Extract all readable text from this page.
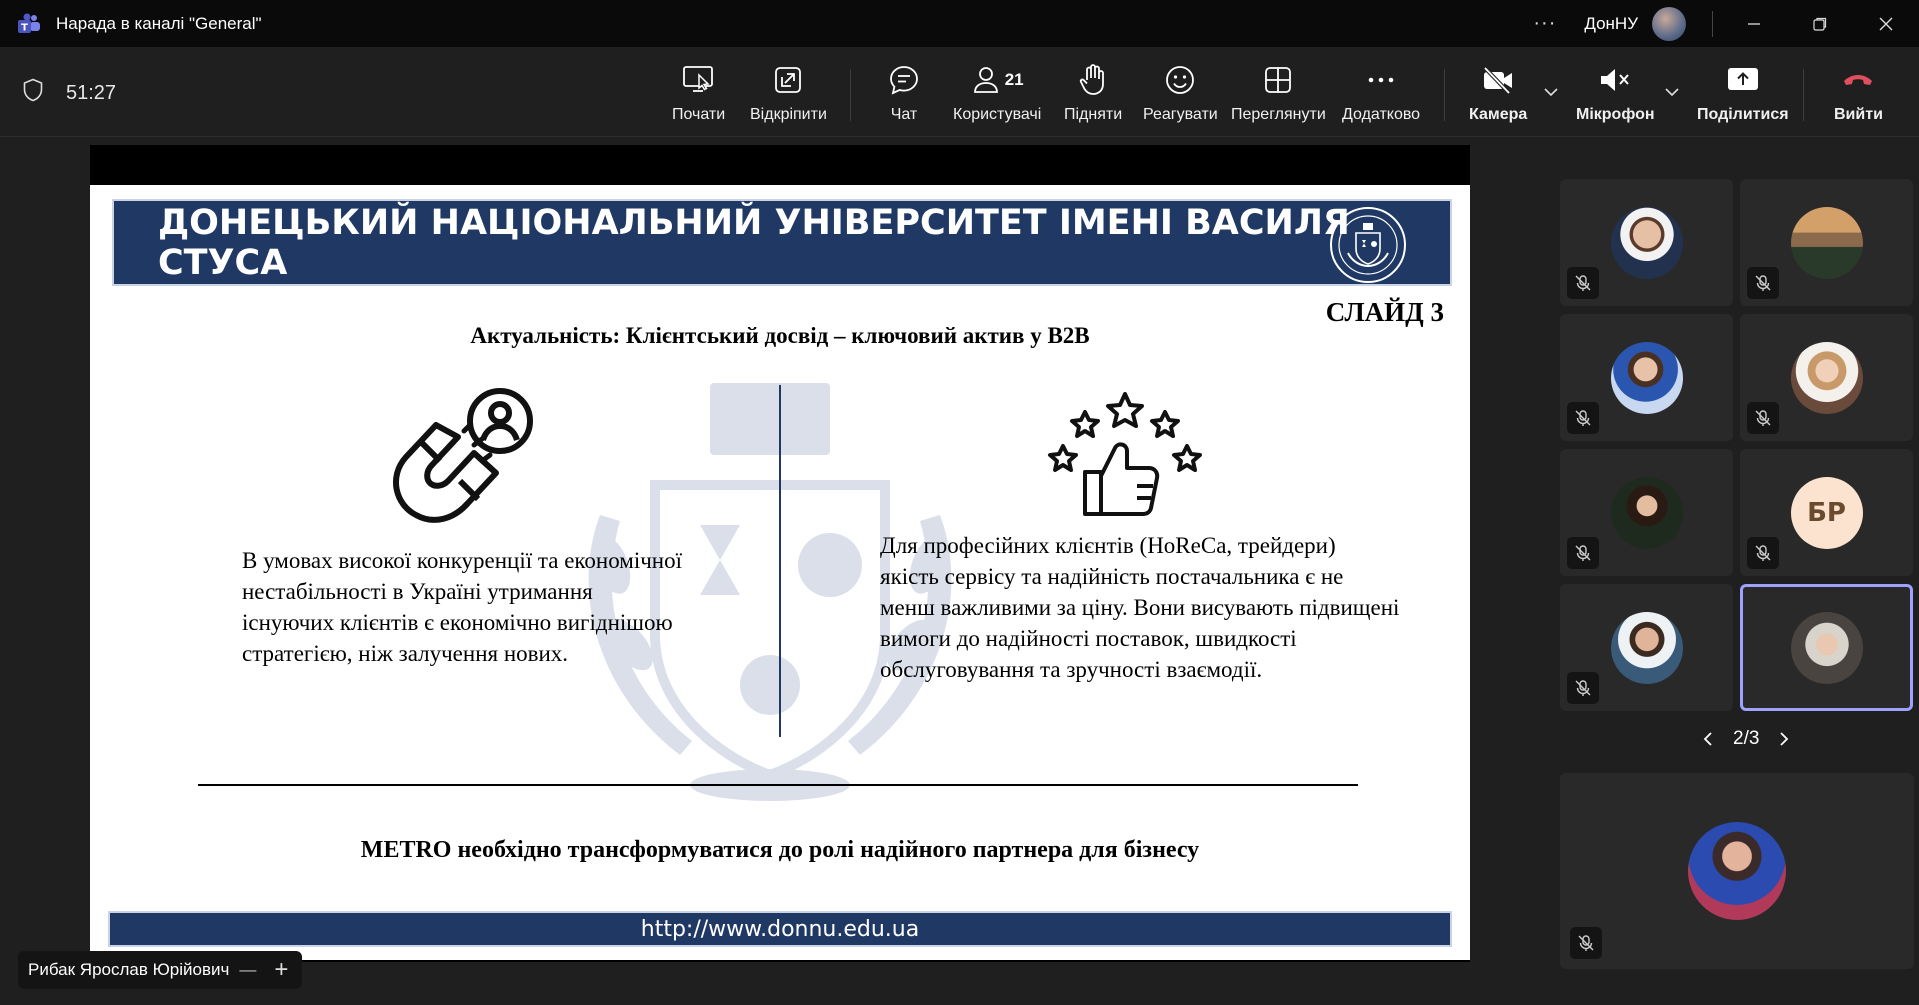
T Нарада в каналі "General"	··· ДонНУ
51:27
Почати Відкріпити	Чат
21
Користувачі Підняти Реагувати Переглянути Додатково	Камера	Мікрофон	Поділитися	Вийти
ДОНЕЦЬКИЙ НАЦІОНАЛЬНИЙ УНІВЕРСИТЕТ ІМЕНІ ВАСИЛЯ СТУСА
СЛАЙД 3
Актуальність: Клієнтський досвід – ключовий актив у B2B
В умовах високої конкуренції та економічної нестабільності в Україні утримання існуючих клієнтів є економічно вигіднішою стратегією, ніж залучення нових.
Для професійних клієнтів (HoReCa, трейдери) якість сервісу та надійність постачальника є не менш важливими за ціну. Вони висувають підвищені вимоги до надійності поставок, швидкості обслуговування та зручності взаємодії.
METRO необхідно трансформуватися до ролі надійного партнера для бізнесу
http://www.donnu.edu.ua
Рибак Ярослав Юрійович — +
БР
2/3
